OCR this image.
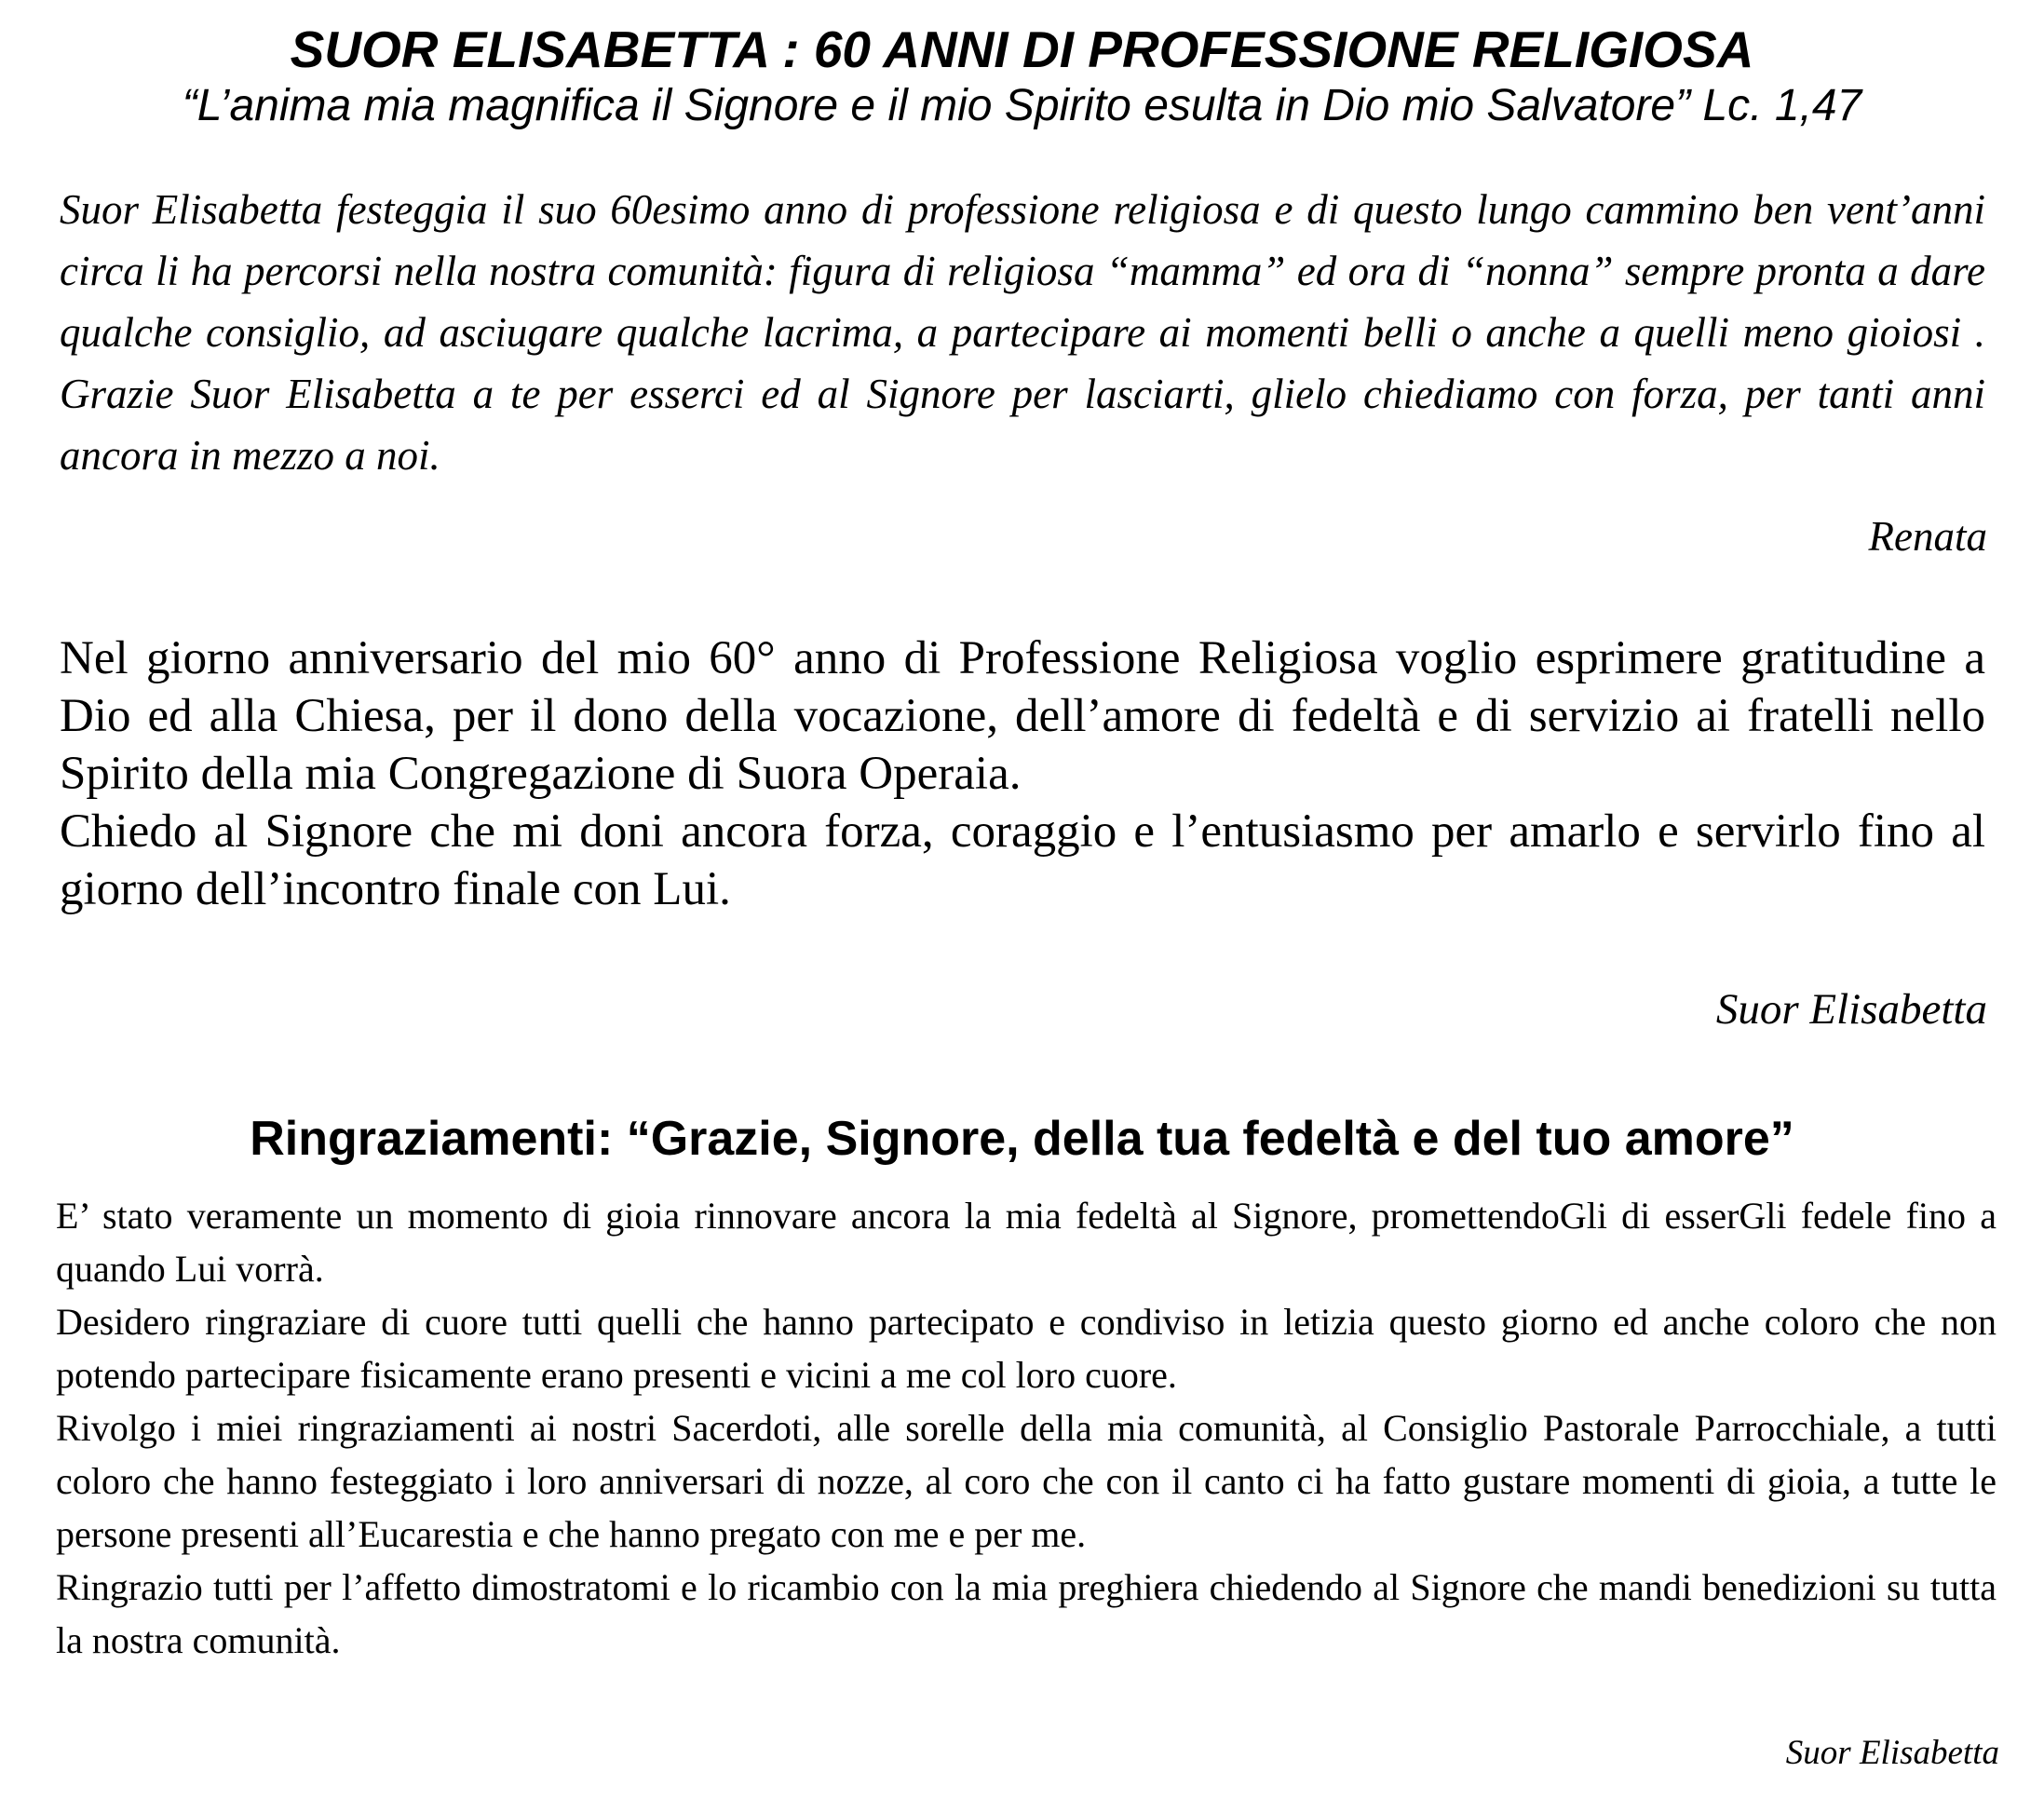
SUOR ELISABETTA : 60 ANNI DI PROFESSIONE RELIGIOSA

“L’anima mia magnifica il Signore e il mio Spirito esulta in Dio mio Salvatore” Lc. 1,47

Suor Elisabetta festeggia il suo 60esimo anno di professione religiosa e di questo lungo cammino ben vent’anni circa li ha percorsi nella nostra comunità: figura di religiosa “mamma” ed ora di “nonna” sempre pronta a dare qualche consiglio, ad asciugare qualche lacrima, a partecipare ai momenti belli o anche a quelli meno gioiosi . Grazie Suor Elisabetta a te per esserci ed al Signore per lasciarti, glielo chiediamo con forza, per tanti anni ancora in mezzo a noi.

Renata

Nel giorno anniversario del mio 60° anno di Professione Religiosa voglio esprimere gratitudine a Dio ed alla Chiesa, per il dono della vocazione, dell’amore di fedeltà e di servizio ai fratelli nello Spirito della mia Congregazione di Suora Operaia.
Chiedo al Signore che mi doni ancora forza, coraggio e l’entusiasmo per amarlo e servirlo fino al giorno dell’incontro finale con Lui.

Suor Elisabetta

Ringraziamenti: “Grazie, Signore, della tua fedeltà e del tuo amore”
E’ stato veramente un momento di gioia rinnovare ancora la mia fedeltà al Signore, promettendoGli di esserGli fedele fino a quando Lui vorrà.
Desidero ringraziare di cuore tutti quelli che hanno partecipato e condiviso in letizia questo giorno ed anche coloro che non potendo partecipare fisicamente erano presenti e vicini a me col loro cuore.
Rivolgo i miei ringraziamenti ai nostri Sacerdoti, alle sorelle della mia comunità, al Consiglio Pastorale Parrocchiale, a tutti coloro che hanno festeggiato i loro anniversari di nozze, al coro che con il canto ci ha fatto gustare momenti di gioia, a tutte le persone presenti all’Eucarestia e che hanno pregato con me e per me.
Ringrazio tutti per l’affetto dimostratomi e lo ricambio con la mia preghiera chiedendo al Signore che mandi benedizioni su tutta la nostra comunità.

Suor Elisabetta
